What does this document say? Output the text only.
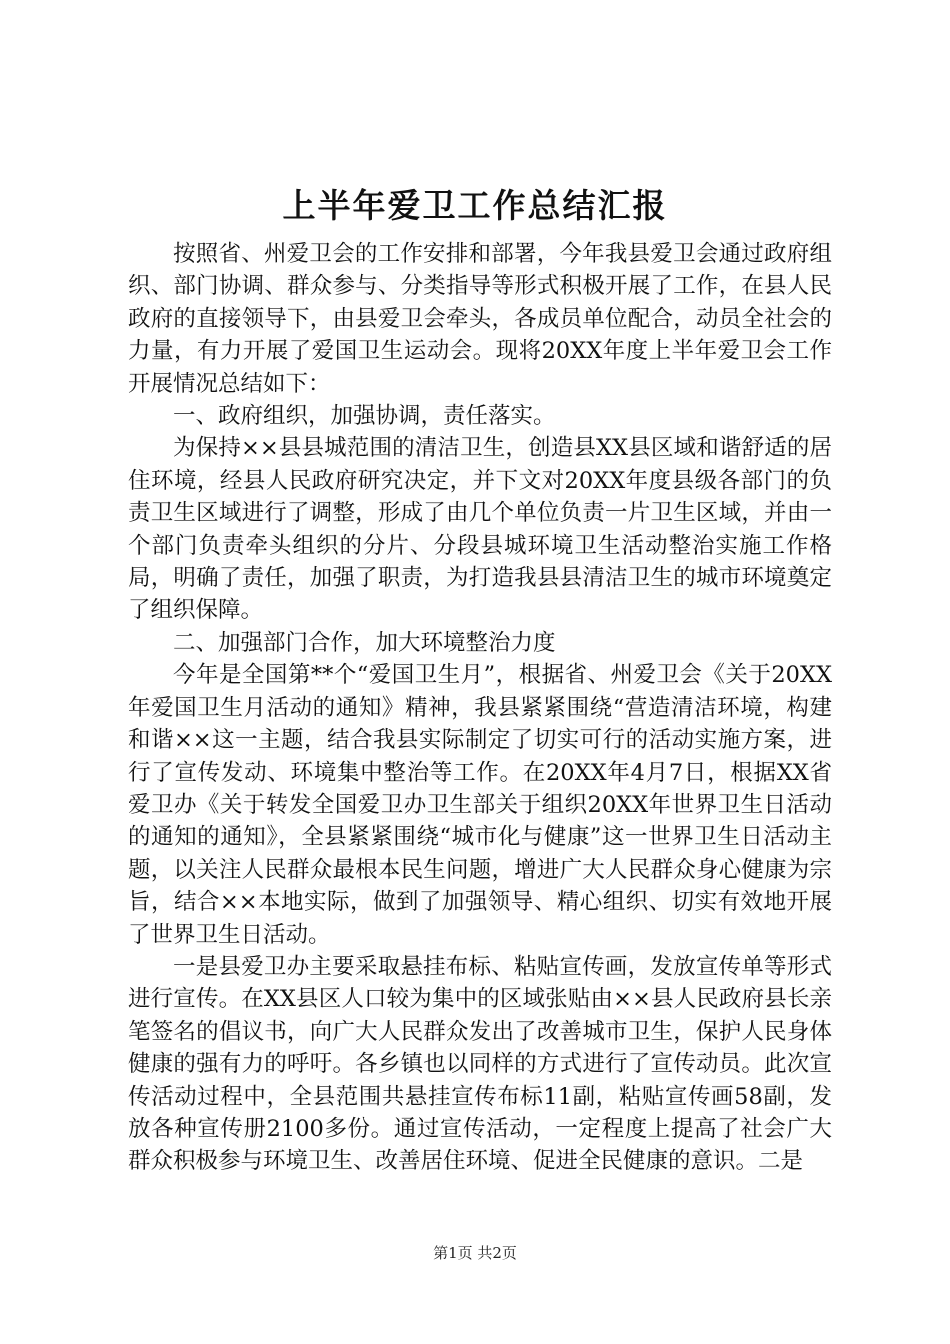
上半年爱卫工作总结汇报

按照省、州爱卫会的工作安排和部署，今年我县爱卫会通过政府组织、部门协调、群众参与、分类指导等形式积极开展了工作，在县人民政府的直接领导下，由县爱卫会牵头，各成员单位配合，动员全社会的力量，有力开展了爱国卫生运动会。现将20XX年度上半年爱卫会工作开展情况总结如下：

一、政府组织，加强协调，责任落实。

为保持××县县城范围的清洁卫生，创造县XX县区域和谐舒适的居住环境，经县人民政府研究决定，并下文对20XX年度县级各部门的负责卫生区域进行了调整，形成了由几个单位负责一片卫生区域，并由一个部门负责牵头组织的分片、分段县城环境卫生活动整治实施工作格局，明确了责任，加强了职责，为打造我县县清洁卫生的城市环境奠定了组织保障。

二、加强部门合作，加大环境整治力度

今年是全国第**个“爱国卫生月”，根据省、州爱卫会《关于20XX年爱国卫生月活动的通知》精神，我县紧紧围绕“营造清洁环境，构建和谐××这一主题，结合我县实际制定了切实可行的活动实施方案，进行了宣传发动、环境集中整治等工作。在20XX年4月7日，根据XX省爱卫办《关于转发全国爱卫办卫生部关于组织20XX年世界卫生日活动的通知的通知》，全县紧紧围绕“城市化与健康”这一世界卫生日活动主题，以关注人民群众最根本民生问题，增进广大人民群众身心健康为宗旨，结合××本地实际，做到了加强领导、精心组织、切实有效地开展了世界卫生日活动。

一是县爱卫办主要采取悬挂布标、粘贴宣传画，发放宣传单等形式进行宣传。在XX县区人口较为集中的区域张贴由××县人民政府县长亲笔签名的倡议书，向广大人民群众发出了改善城市卫生，保护人民身体健康的强有力的呼吁。各乡镇也以同样的方式进行了宣传动员。此次宣传活动过程中，全县范围共悬挂宣传布标11副，粘贴宣传画58副，发放各种宣传册2100多份。通过宣传活动，一定程度上提高了社会广大群众积极参与环境卫生、改善居住环境、促进全民健康的意识。二是

第1页 共2页
